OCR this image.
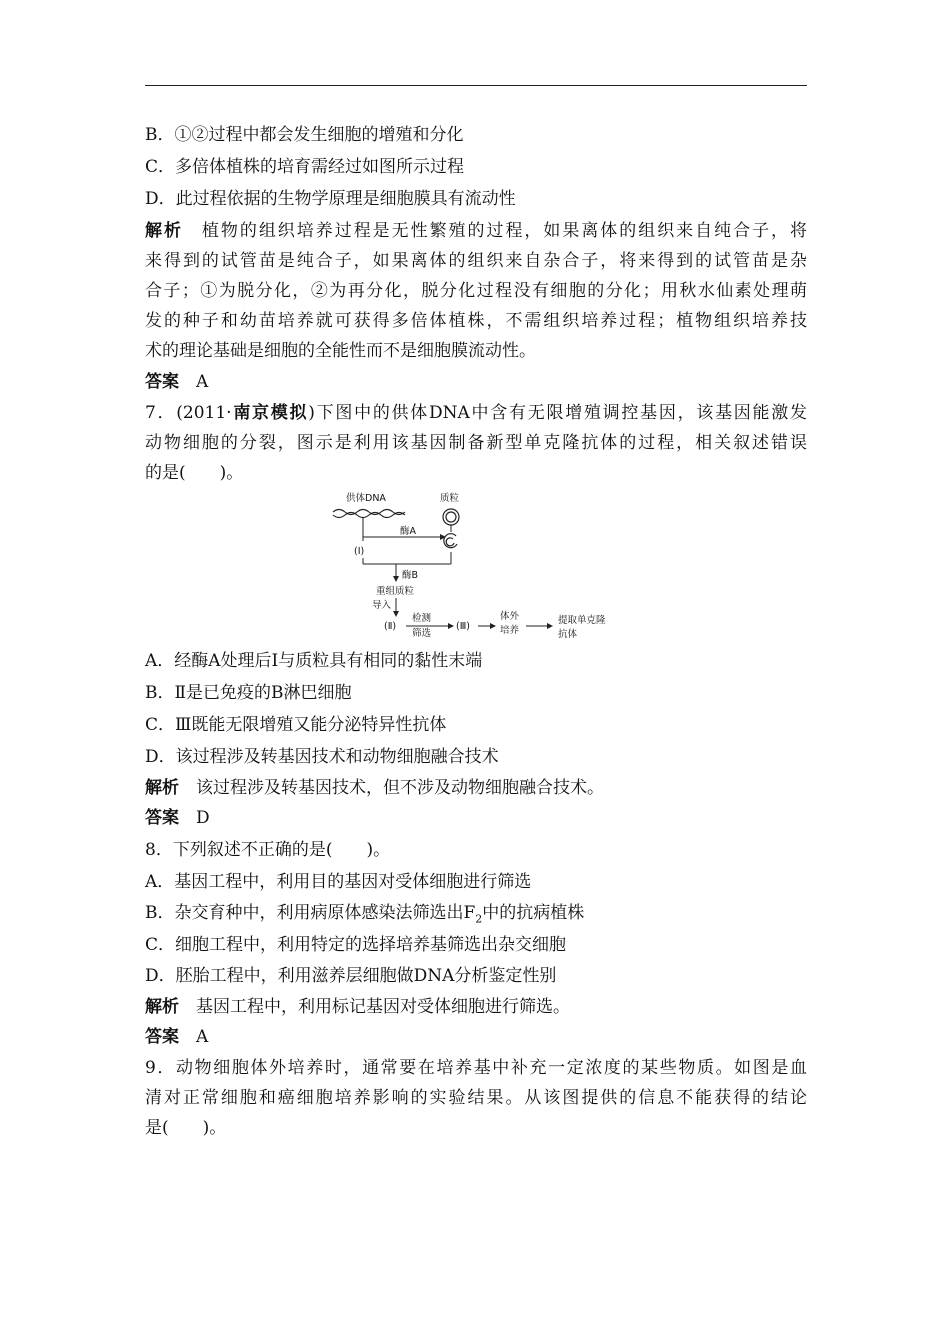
B．①②过程中都会发生细胞的增殖和分化
C．多倍体植株的培育需经过如图所示过程
D．此过程依据的生物学原理是细胞膜具有流动性
解析　植物的组织培养过程是无性繁殖的过程，如果离体的组织来自纯合子，将
来得到的试管苗是纯合子，如果离体的组织来自杂合子，将来得到的试管苗是杂
合子；①为脱分化，②为再分化，脱分化过程没有细胞的分化；用秋水仙素处理萌
发的种子和幼苗培养就可获得多倍体植株，不需组织培养过程；植物组织培养技
术的理论基础是细胞的全能性而不是细胞膜流动性。
答案　A
7．(2011·南京模拟)下图中的供体DNA中含有无限增殖调控基因，该基因能激发
动物细胞的分裂，图示是利用该基因制备新型单克隆抗体的过程，相关叙述错误
的是(　　)。
供体DNA	质粒
酶A
(Ⅰ)
酶B
重组质粒
导入
(Ⅱ)
检测
筛选
(Ⅲ)
体外
培养
提取单克隆
抗体
A．经酶A处理后Ⅰ与质粒具有相同的黏性末端
B．Ⅱ是已免疫的B淋巴细胞
C．Ⅲ既能无限增殖又能分泌特异性抗体
D．该过程涉及转基因技术和动物细胞融合技术
解析　该过程涉及转基因技术，但不涉及动物细胞融合技术。
答案　D
8．下列叙述不正确的是(　　)。
A．基因工程中，利用目的基因对受体细胞进行筛选
B．杂交育种中，利用病原体感染法筛选出$F_2$中的抗病植株
C．细胞工程中，利用特定的选择培养基筛选出杂交细胞
D．胚胎工程中，利用滋养层细胞做DNA分析鉴定性别
解析　基因工程中，利用标记基因对受体细胞进行筛选。
答案　A
9．动物细胞体外培养时，通常要在培养基中补充一定浓度的某些物质。如图是血
清对正常细胞和癌细胞培养影响的实验结果。从该图提供的信息不能获得的结论
是(　　)。
